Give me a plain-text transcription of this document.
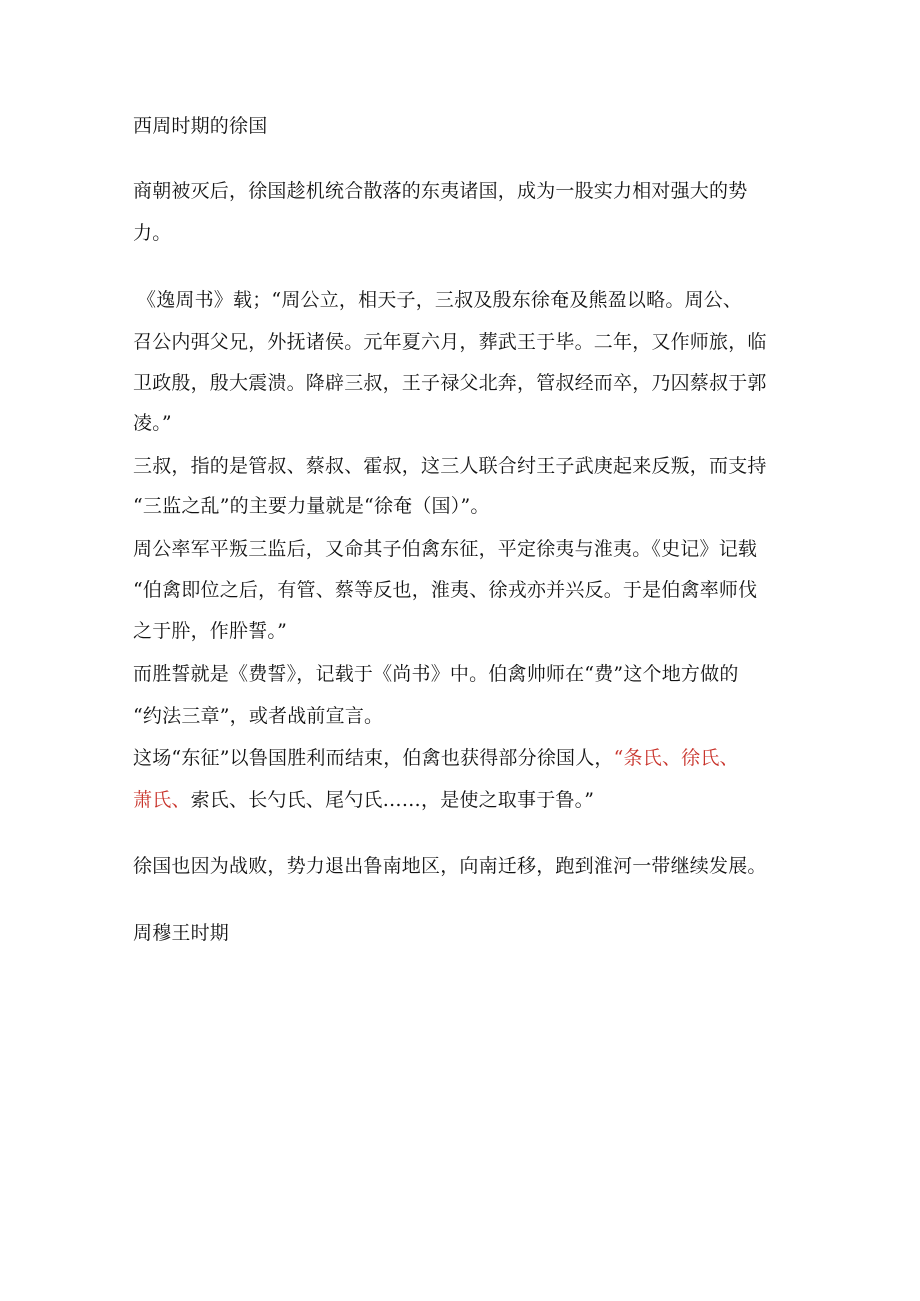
西周时期的徐国
商朝被灭后，徐国趁机统合散落的东夷诸国，成为一股实力相对强大的势
力。
《逸周书》载；“周公立，相天子，三叔及殷东徐奄及熊盈以略。周公、
召公内弭父兄，外抚诸侯。元年夏六月，葬武王于毕。二年，又作师旅，临
卫政殷，殷大震溃。降辟三叔，王子禄父北奔，管叔经而卒，乃囚蔡叔于郭
凌。”
三叔，指的是管叔、蔡叔、霍叔，这三人联合纣王子武庚起来反叛，而支持
“三监之乱”的主要力量就是“徐奄（国）”。
周公率军平叛三监后，又命其子伯禽东征，平定徐夷与淮夷。《史记》记载
“伯禽即位之后，有管、蔡等反也，淮夷、徐戎亦并兴反。于是伯禽率师伐
之于肸，作肸誓。”
而胜誓就是《费誓》，记载于《尚书》中。伯禽帅师在“费”这个地方做的
“约法三章”，或者战前宣言。
这场“东征”以鲁国胜利而结束，伯禽也获得部分徐国人，“条氏、徐氏、
萧氏、索氏、长勺氏、尾勺氏……，是使之取事于鲁。”
徐国也因为战败，势力退出鲁南地区，向南迁移，跑到淮河一带继续发展。
周穆王时期
